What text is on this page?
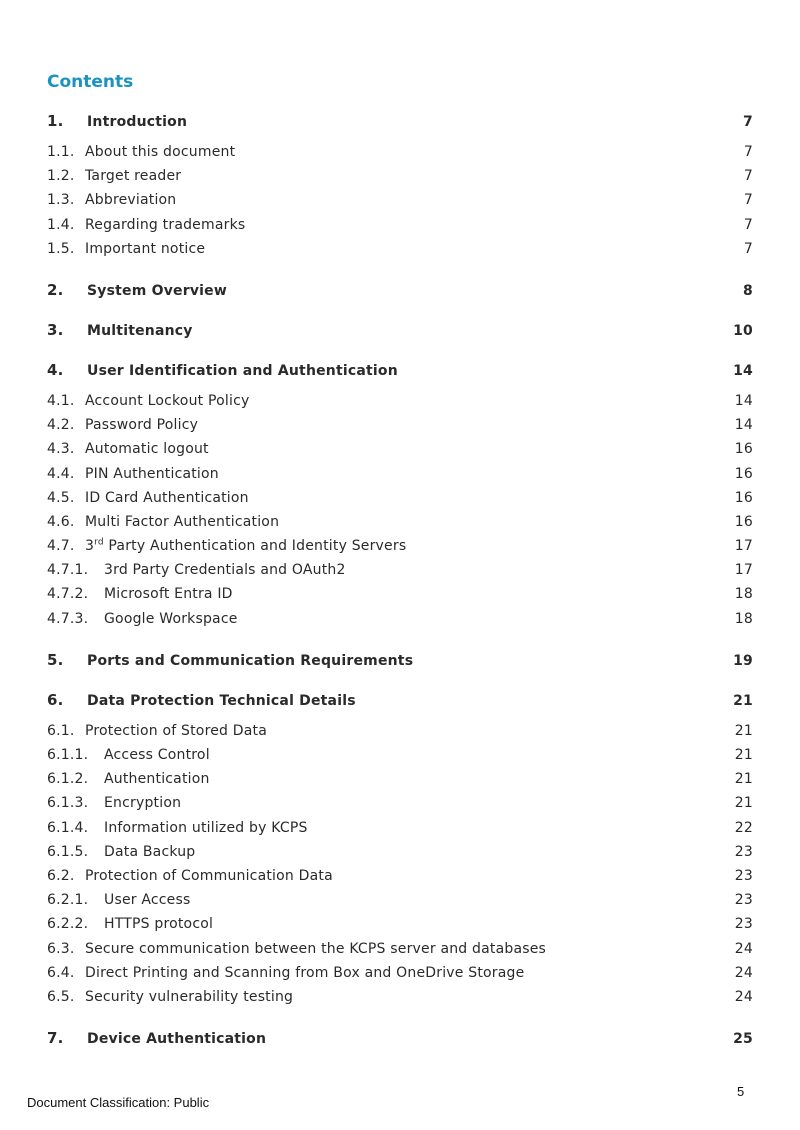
Contents
1.	Introduction	7
1.1. About this document	7
1.2. Target reader	7
1.3. Abbreviation	7
1.4. Regarding trademarks	7
1.5. Important notice	7
2.	System Overview	8
3.	Multitenancy	10
4.	User Identification and Authentication	14
4.1. Account Lockout Policy	14
4.2. Password Policy	14
4.3. Automatic logout	16
4.4. PIN Authentication	16
4.5. ID Card Authentication	16
4.6. Multi Factor Authentication	16
4.7. 3rd Party Authentication and Identity Servers	17
4.7.1. 3rd Party Credentials and OAuth2	17
4.7.2. Microsoft Entra ID	18
4.7.3. Google Workspace	18
5.	Ports and Communication Requirements	19
6.	Data Protection Technical Details	21
6.1. Protection of Stored Data	21
6.1.1. Access Control	21
6.1.2. Authentication	21
6.1.3. Encryption	21
6.1.4. Information utilized by KCPS	22
6.1.5. Data Backup	23
6.2. Protection of Communication Data	23
6.2.1. User Access	23
6.2.2. HTTPS protocol	23
6.3. Secure communication between the KCPS server and databases	24
6.4. Direct Printing and Scanning from Box and OneDrive Storage	24
6.5. Security vulnerability testing	24
7.	Device Authentication	25
5
Document Classification: Public
